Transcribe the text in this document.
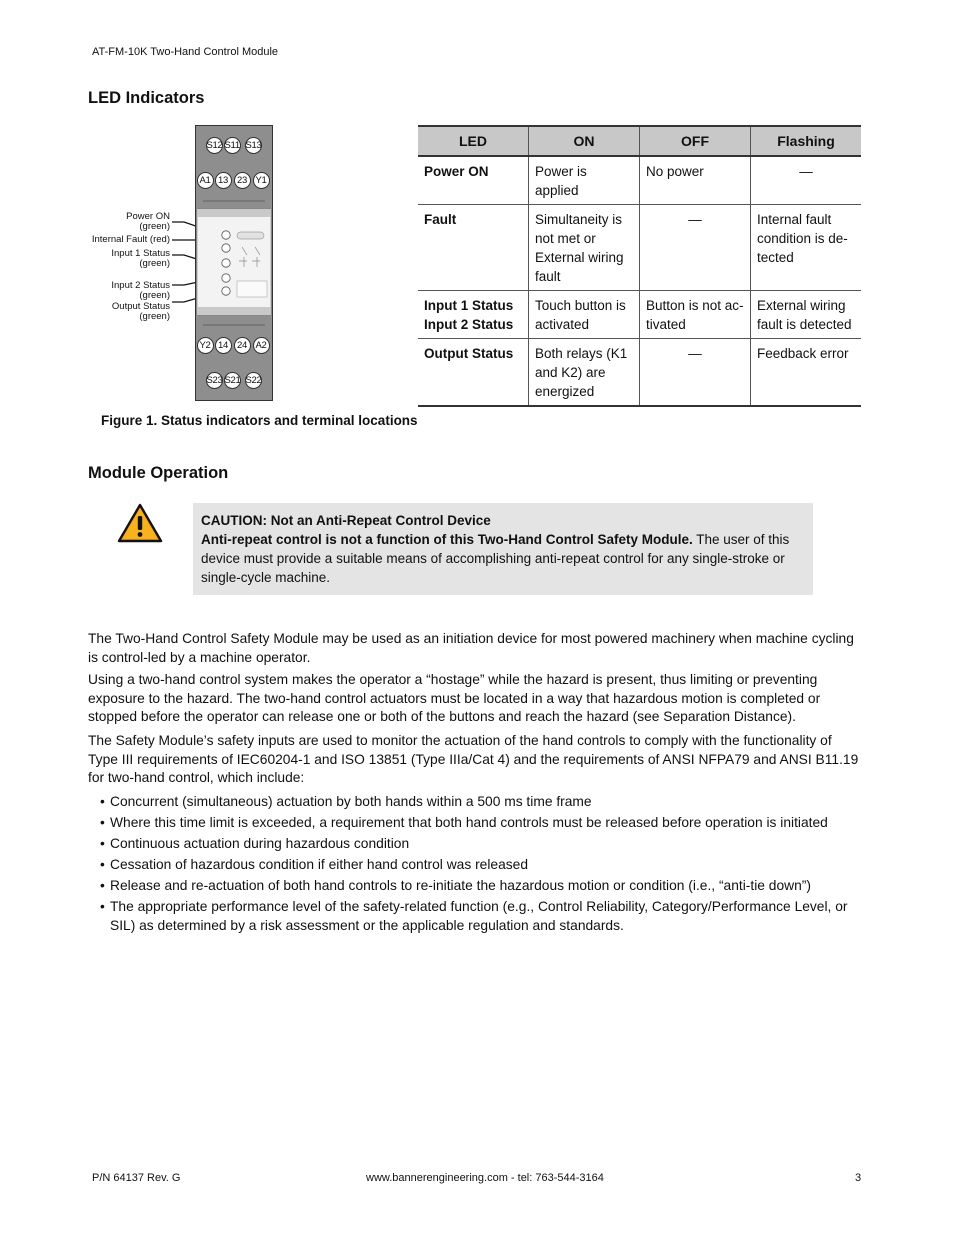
AT-FM-10K Two-Hand Control Module
LED Indicators
Power ON
(green)
Internal Fault (red)
Input 1 Status
(green)
Input 2 Status
(green)
Output Status
(green)
S12 S11 S13
A1 13 23 Y1
Y2 14 24 A2
S23 S21 S22
LED	ON	OFF	Flashing
Power ON	Power is applied	No power	—
Fault	Simultaneity is not met or External wiring fault	—	Internal fault condition is de-tected

Input 1 Status
Input 2 Status	Touch button is activated	Button is not ac-tivated	External wiring fault is detected
Output Status	Both relays (K1 and K2) are energized	—	Feedback error
Figure 1. Status indicators and terminal locations
Module Operation
CAUTION: Not an Anti-Repeat Control Device
Anti-repeat control is not a function of this Two-Hand Control Safety Module. The user of this device must provide a suitable means of accomplishing anti-repeat control for any single-stroke or single-cycle machine.
The Two-Hand Control Safety Module may be used as an initiation device for most powered machinery when machine cycling is control-led by a machine operator.
Using a two-hand control system makes the operator a “hostage” while the hazard is present, thus limiting or preventing exposure to the hazard. The two-hand control actuators must be located in a way that hazardous motion is completed or stopped before the operator can release one or both of the buttons and reach the hazard (see Separation Distance).
The Safety Module’s safety inputs are used to monitor the actuation of the hand controls to comply with the functionality of Type III requirements of IEC60204-1 and ISO 13851 (Type IIIa/Cat 4) and the requirements of ANSI NFPA79 and ANSI B11.19 for two-hand control, which include:
• Concurrent (simultaneous) actuation by both hands within a 500 ms time frame
• Where this time limit is exceeded, a requirement that both hand controls must be released before operation is initiated
• Continuous actuation during hazardous condition
• Cessation of hazardous condition if either hand control was released
• Release and re-actuation of both hand controls to re-initiate the hazardous motion or condition (i.e., “anti-tie down”)
• The appropriate performance level of the safety-related function (e.g., Control Reliability, Category/Performance Level, or SIL) as determined by a risk assessment or the applicable regulation and standards.
P/N 64137 Rev. G	www.bannerengineering.com - tel: 763-544-3164	3
